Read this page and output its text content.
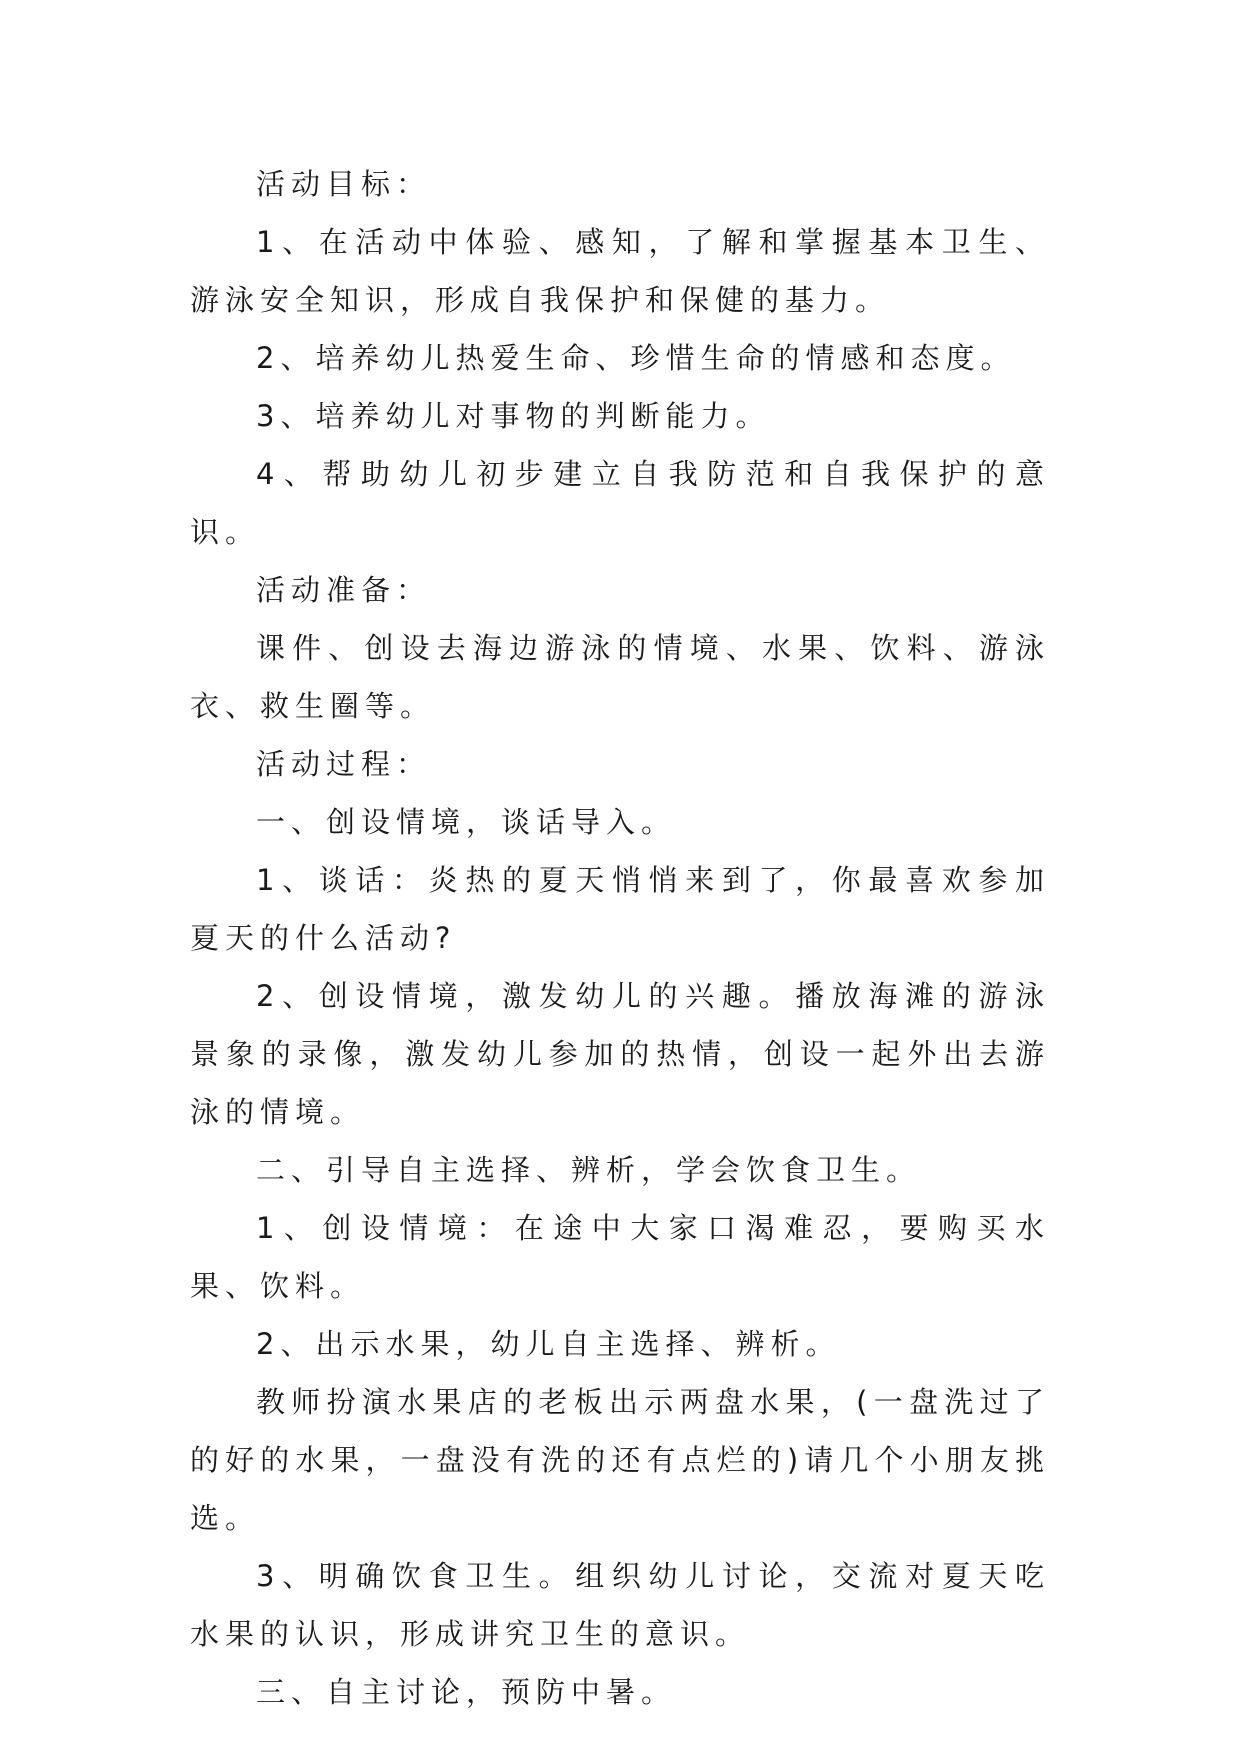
活动目标：

1、在活动中体验、感知，了解和掌握基本卫生、游泳安全知识，形成自我保护和保健的基力。

2、培养幼儿热爱生命、珍惜生命的情感和态度。

3、培养幼儿对事物的判断能力。

4、帮助幼儿初步建立自我防范和自我保护的意识。

活动准备：

课件、创设去海边游泳的情境、水果、饮料、游泳衣、救生圈等。

活动过程：

一、创设情境，谈话导入。

1、谈话：炎热的夏天悄悄来到了，你最喜欢参加夏天的什么活动?

2、创设情境，激发幼儿的兴趣。播放海滩的游泳景象的录像，激发幼儿参加的热情，创设一起外出去游泳的情境。

二、引导自主选择、辨析，学会饮食卫生。

1、创设情境：在途中大家口渴难忍，要购买水果、饮料。

2、出示水果，幼儿自主选择、辨析。

教师扮演水果店的老板出示两盘水果，(一盘洗过了的好的水果，一盘没有洗的还有点烂的)请几个小朋友挑选。

3、明确饮食卫生。组织幼儿讨论，交流对夏天吃水果的认识，形成讲究卫生的意识。

三、自主讨论，预防中暑。
